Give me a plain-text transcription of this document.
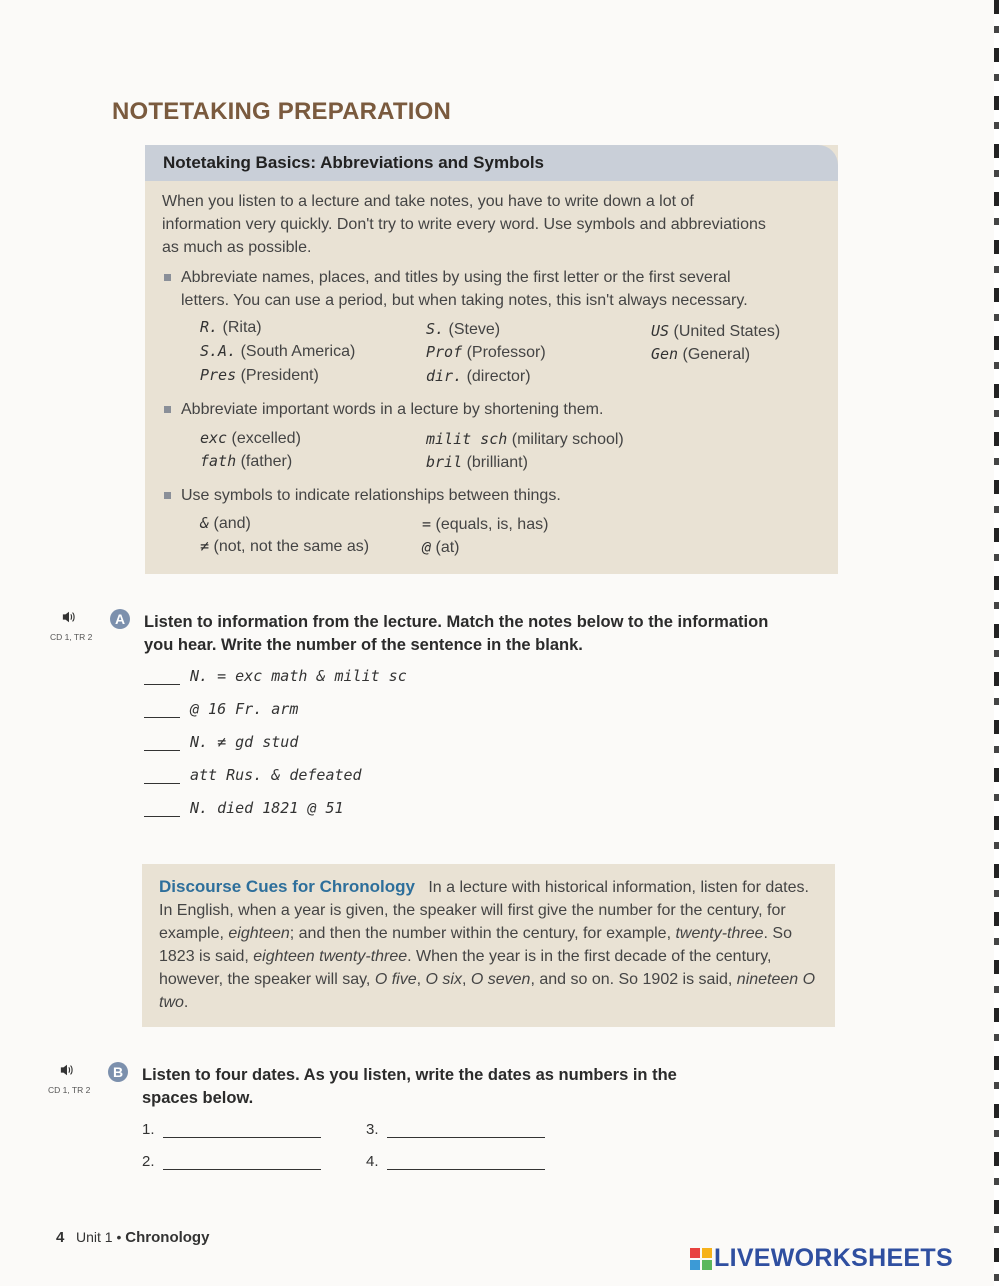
NOTETAKING PREPARATION
Notetaking Basics: Abbreviations and Symbols
When you listen to a lecture and take notes, you have to write down a lot of
information very quickly. Don't try to write every word. Use symbols and abbreviations
as much as possible.
Abbreviate names, places, and titles by using the first letter or the first several
letters. You can use a period, but when taking notes, this isn't always necessary.
R. (Rita)	S. (Steve)	US (United States)
S.A. (South America)	Prof (Professor)	Gen (General)
Pres (President)	dir. (director)
Abbreviate important words in a lecture by shortening them.
exc (excelled)	milit sch (military school)
fath (father)	bril (brilliant)
Use symbols to indicate relationships between things.
& (and)	= (equals, is, has)
≠ (not, not the same as)	@ (at)
CD 1, TR 2
A Listen to information from the lecture. Match the notes below to the information
you hear. Write the number of the sentence in the blank.
N. = exc math & milit sc
@ 16 Fr. arm
N. ≠ gd stud
att Rus. & defeated
N. died 1821 @ 51
Discourse Cues for Chronology In a lecture with historical information, listen for dates. In English, when a year is given, the speaker will first give the number for the century, for example, eighteen; and then the number within the century, for example, twenty-three. So 1823 is said, eighteen twenty-three. When the year is in the first decade of the century, however, the speaker will say, O five, O six, O seven, and so on. So 1902 is said, nineteen O two.
CD 1, TR 2
B Listen to four dates. As you listen, write the dates as numbers in the
spaces below.
1.	3.
2.	4.
4 Unit 1 • Chronology
LIVEWORKSHEETS
